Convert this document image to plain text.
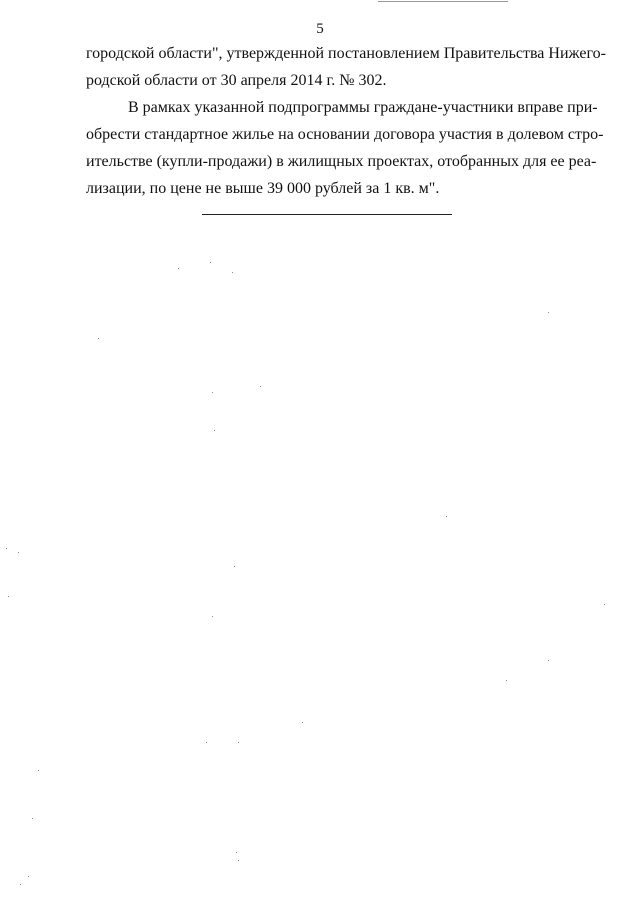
5
городской области", утвержденной постановлением Правительства Нижего-
родской области от 30 апреля 2014 г. № 302.
В рамках указанной подпрограммы граждане-участники вправе при-
обрести стандартное жилье на основании договора участия в долевом стро-
ительстве (купли-продажи) в жилищных проектах, отобранных для ее реа-
лизации, по цене не выше 39 000 рублей за 1 кв. м".
